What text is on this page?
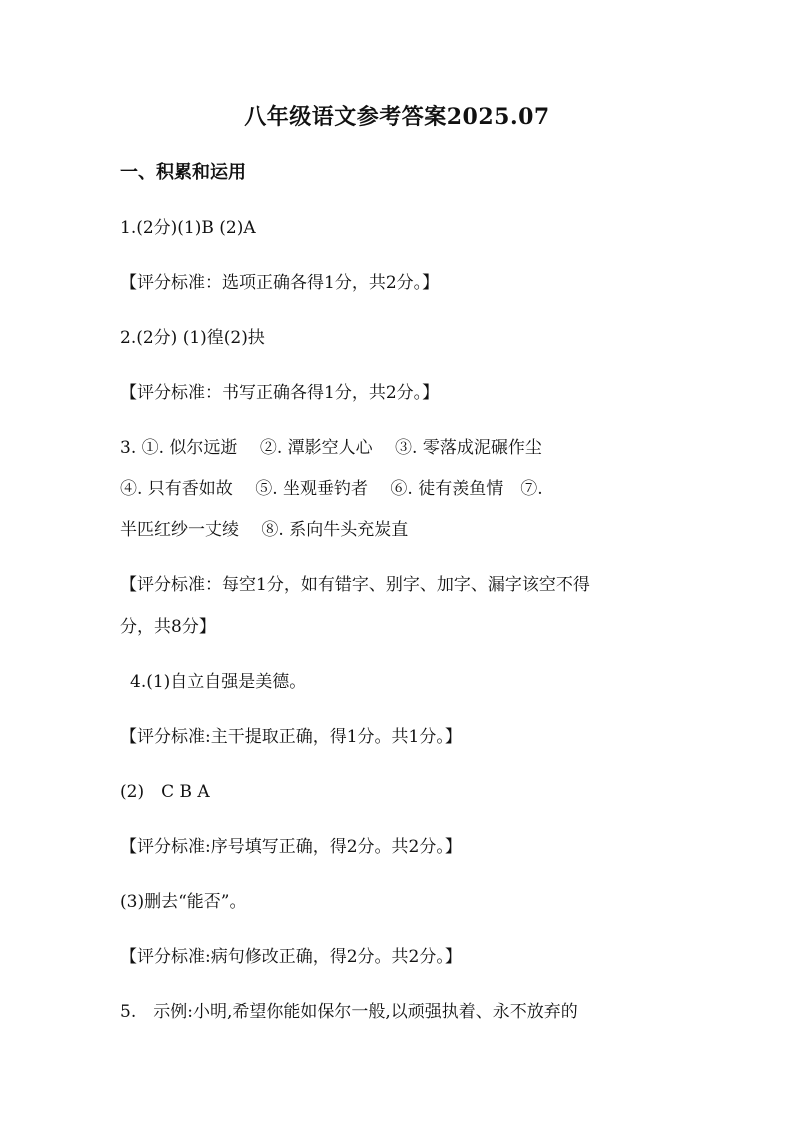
八年级语文参考答案2025.07
一、积累和运用
1.(2分)(1)B (2)A
【评分标准：选项正确各得1分，共2分。】
2.(2分) (1)徨(2)抉
【评分标准：书写正确各得1分，共2分。】
3. ①. 似尔远逝　 ②. 潭影空人心　 ③. 零落成泥碾作尘
④. 只有香如故　 ⑤. 坐观垂钓者　 ⑥. 徒有羡鱼情　⑦.
半匹红纱一丈绫　 ⑧. 系向牛头充炭直
【评分标准：每空1分，如有错字、别字、加字、漏字该空不得
分，共8分】
4.(1)自立自强是美德。
【评分标准:主干提取正确，得1分。共1分。】
(2)　C B A
【评分标准:序号填写正确，得2分。共2分。】
(3)删去“能否”。
【评分标准:病句修改正确，得2分。共2分。】
5.　示例:小明,希望你能如保尔一般,以顽强执着、永不放弃的
